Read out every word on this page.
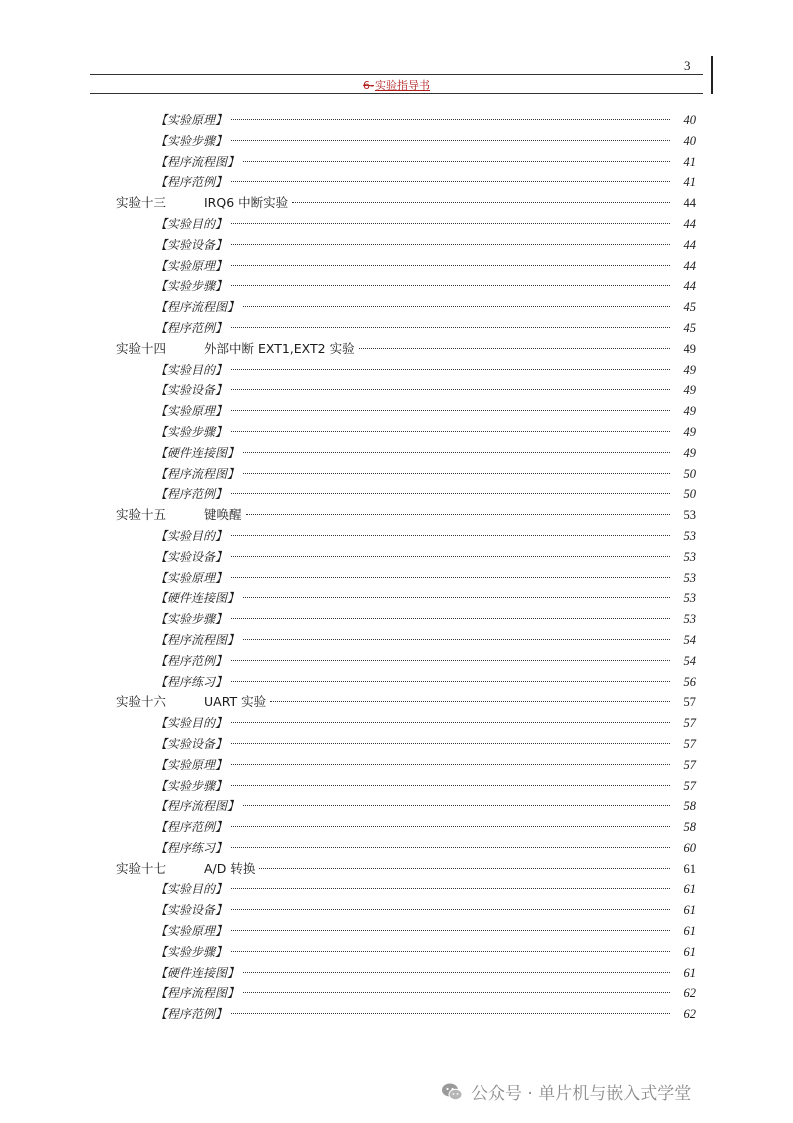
3
6-实验指导书
【实验原理】	40
【实验步骤】	40
【程序流程图】	41
【程序范例】	41
实验十三	IRQ6 中断实验	44
【实验目的】	44
【实验设备】	44
【实验原理】	44
【实验步骤】	44
【程序流程图】	45
【程序范例】	45
实验十四	外部中断 EXT1,EXT2 实验	49
【实验目的】	49
【实验设备】	49
【实验原理】	49
【实验步骤】	49
【硬件连接图】	49
【程序流程图】	50
【程序范例】	50
实验十五	键唤醒	53
【实验目的】	53
【实验设备】	53
【实验原理】	53
【硬件连接图】	53
【实验步骤】	53
【程序流程图】	54
【程序范例】	54
【程序练习】	56
实验十六	UART 实验	57
【实验目的】	57
【实验设备】	57
【实验原理】	57
【实验步骤】	57
【程序流程图】	58
【程序范例】	58
【程序练习】	60
实验十七	A/D 转换	61
【实验目的】	61
【实验设备】	61
【实验原理】	61
【实验步骤】	61
【硬件连接图】	61
【程序流程图】	62
【程序范例】	62
公众号 · 单片机与嵌入式学堂
